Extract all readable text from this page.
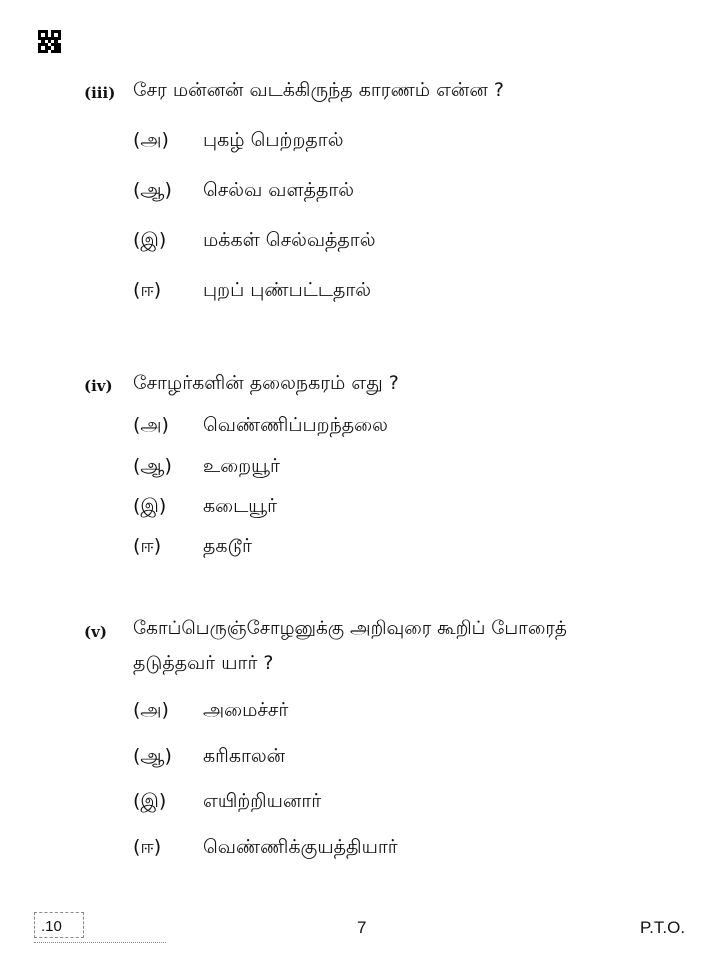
(iii) சேர மன்னன் வடக்கிருந்த காரணம் என்ன ?
(அ) புகழ் பெற்றதால்
(ஆ) செல்வ வளத்தால்
(இ) மக்கள் செல்வத்தால்
(ஈ) புறப் புண்பட்டதால்
(iv) சோழர்களின் தலைநகரம் எது ?
(அ) வெண்ணிப்பறந்தலை
(ஆ) உறையூர்
(இ) கடையூர்
(ஈ) தகடூர்
(v) கோப்பெருஞ்சோழனுக்கு அறிவுரை கூறிப் போரைத்
தடுத்தவர் யார் ?
(அ) அமைச்சர்
(ஆ) கரிகாலன்
(இ) எயிற்றியனார்
(ஈ) வெண்ணிக்குயத்தியார்
.10	7	P.T.O.
